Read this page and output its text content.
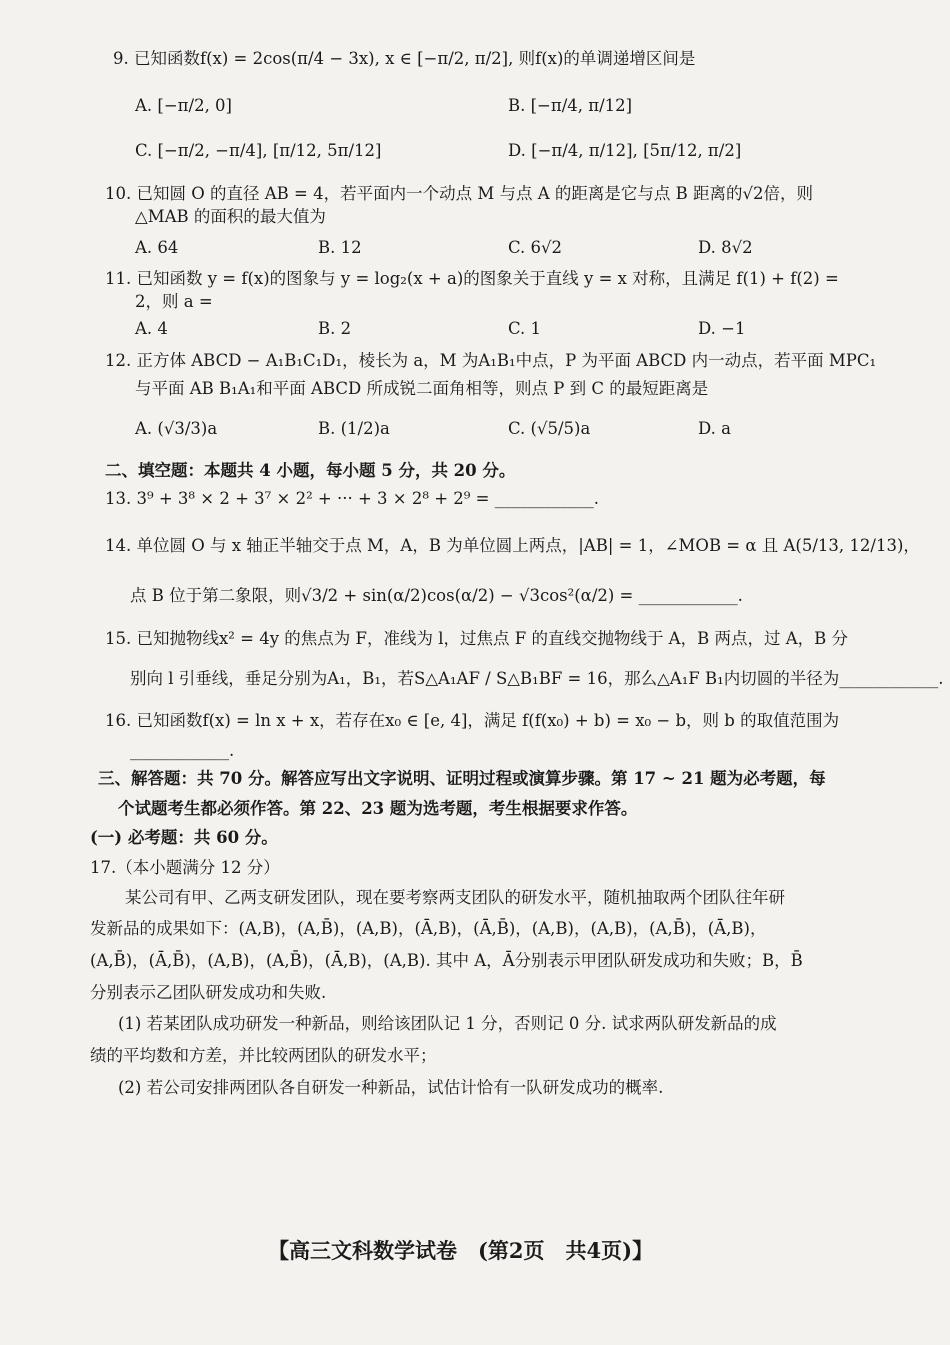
9. 已知函数f(x) = 2cos(π/4 − 3x), x ∈ [−π/2, π/2], 则f(x)的单调递增区间是
A. [−π/2, 0]	B. [−π/4, π/12]
C. [−π/2, −π/4], [π/12, 5π/12]	D. [−π/4, π/12], [5π/12, π/2]
10. 已知圆 O 的直径 AB = 4，若平面内一个动点 M 与点 A 的距离是它与点 B 距离的√2倍，则
△MAB 的面积的最大值为
A. 64	B. 12	C. 6√2	D. 8√2
11. 已知函数 y = f(x)的图象与 y = log₂(x + a)的图象关于直线 y = x 对称，且满足 f(1) + f(2) =
2，则 a =
A. 4	B. 2	C. 1	D. −1
12. 正方体 ABCD − A₁B₁C₁D₁，棱长为 a，M 为A₁B₁中点，P 为平面 ABCD 内一动点，若平面 MPC₁
与平面 AB B₁A₁和平面 ABCD 所成锐二面角相等，则点 P 到 C 的最短距离是
A. (√3/3)a	B. (1/2)a	C. (√5/5)a	D. a
二、填空题：本题共 4 小题，每小题 5 分，共 20 分。
13. 3⁹ + 3⁸ × 2 + 3⁷ × 2² + ··· + 3 × 2⁸ + 2⁹ = ____________.
14. 单位圆 O 与 x 轴正半轴交于点 M，A，B 为单位圆上两点，|AB| = 1，∠MOB = α 且 A(5/13, 12/13)，
点 B 位于第二象限，则√3/2 + sin(α/2)cos(α/2) − √3cos²(α/2) = ____________.
15. 已知抛物线x² = 4y 的焦点为 F，准线为 l，过焦点 F 的直线交抛物线于 A，B 两点，过 A，B 分
别向 l 引垂线，垂足分别为A₁，B₁，若S△A₁AF / S△B₁BF = 16，那么△A₁F B₁内切圆的半径为____________.
16. 已知函数f(x) = ln x + x，若存在x₀ ∈ [e, 4]，满足 f(f(x₀) + b) = x₀ − b，则 b 的取值范围为
____________.
三、解答题：共 70 分。解答应写出文字说明、证明过程或演算步骤。第 17 ~ 21 题为必考题，每
个试题考生都必须作答。第 22、23 题为选考题，考生根据要求作答。
(一) 必考题：共 60 分。
17.（本小题满分 12 分）
某公司有甲、乙两支研发团队，现在要考察两支团队的研发水平，随机抽取两个团队往年研
发新品的成果如下：(A,B)，(A,B̄)，(A,B)，(Ā,B)，(Ā,B̄)，(A,B)，(A,B)，(A,B̄)，(Ā,B)，
(A,B̄)，(Ā,B̄)，(A,B)，(A,B̄)，(Ā,B)，(A,B). 其中 A，Ā分别表示甲团队研发成功和失败；B，B̄
分别表示乙团队研发成功和失败.
(1) 若某团队成功研发一种新品，则给该团队记 1 分，否则记 0 分. 试求两队研发新品的成
绩的平均数和方差，并比较两团队的研发水平；
(2) 若公司安排两团队各自研发一种新品，试估计恰有一队研发成功的概率.
【高三文科数学试卷　(第2页　共4页)】
